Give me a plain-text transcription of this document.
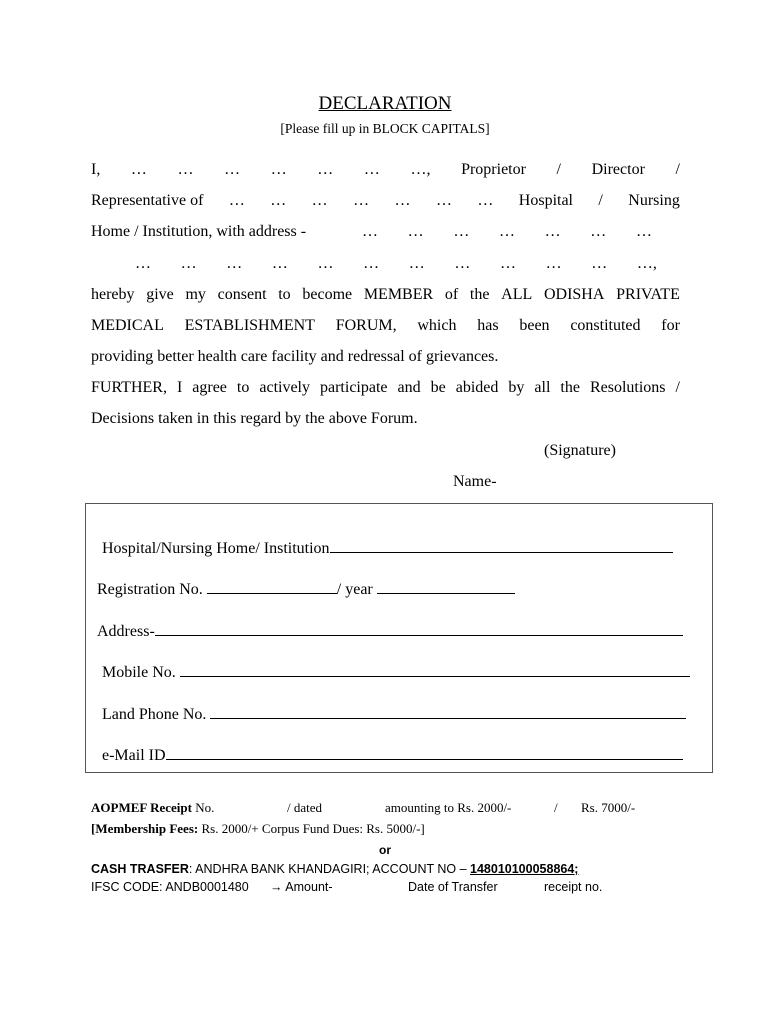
DECLARATION
[Please fill up in BLOCK CAPITALS]
I, … … … … … … …, Proprietor / Director /
Representative of … … … … … … … Hospital / Nursing
Home / Institution, with address -	… … … … … … …
… … … … … … … … … … … …,
hereby give my consent to become MEMBER of the ALL ODISHA PRIVATE
MEDICAL ESTABLISHMENT FORUM, which has been constituted for
providing better health care facility and redressal of grievances.
FURTHER, I agree to actively participate and be abided by all the Resolutions /
Decisions taken in this regard by the above Forum.
(Signature)
Name-
Hospital/Nursing Home/ Institution
Registration No.	/ year
Address-
Mobile No.
Land Phone No.
e-Mail ID
AOPMEF Receipt No.	/ dated	amounting to Rs. 2000/-	/ Rs. 7000/-
[Membership Fees: Rs. 2000/+ Corpus Fund Dues: Rs. 5000/-]
or
CASH TRASFER: ANDHRA BANK KHANDAGIRI; ACCOUNT NO – 148010100058864;
IFSC CODE: ANDB0001480 → Amount-	Date of Transfer	receipt no.
